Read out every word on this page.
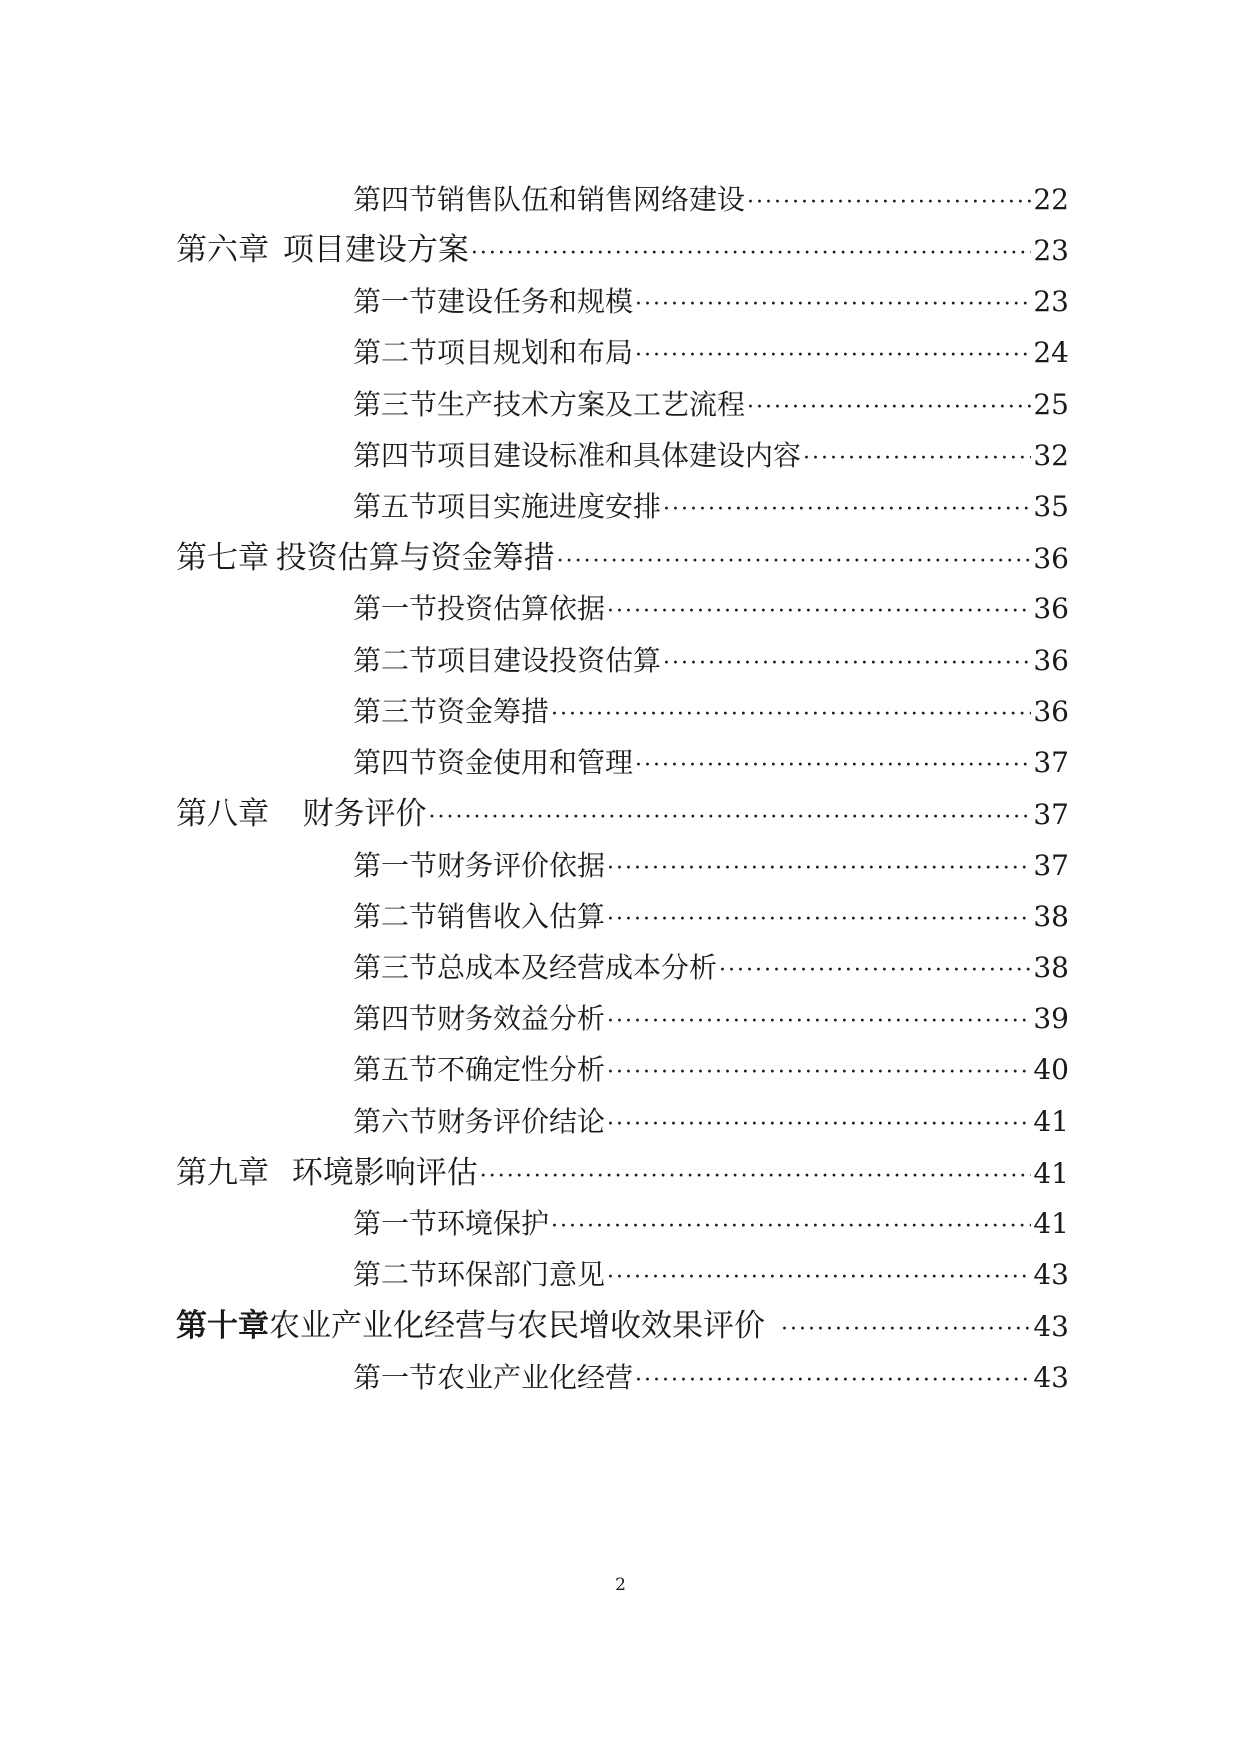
第四节 销售队伍和销售网络建设 ·····	22
第六章 项目建设方案 ·····	23
第一节 建设任务和规模 ·····	23
第二节 项目规划和布局 ·····	24
第三节 生产技术方案及工艺流程 ·····	25
第四节 项目建设标准和具体建设内容 ·····	32
第五节 项目实施进度安排 ·····	35
第七章 投资估算与资金筹措 ·····	36
第一节 投资估算依据 ·····	36
第二节 项目建设投资估算 ·····	36
第三节 资金筹措 ·····	36
第四节 资金使用和管理 ·····	37
第八章	财务评价 ·····	37
第一节 财务评价依据 ·····	37
第二节 销售收入估算 ·····	38
第三节 总成本及经营成本分析 ·····	38
第四节 财务效益分析 ·····	39
第五节 不确定性分析 ·····	40
第六节 财务评价结论 ·····	41
第九章 环境影响评估 ·····	41
第一节 环境保护 ·····	41
第二节 环保部门意见 ·····	43
第十章 农业产业化经营与农民增收效果评价 ·····	43
第一节 农业产业化经营 ·····	43
2
